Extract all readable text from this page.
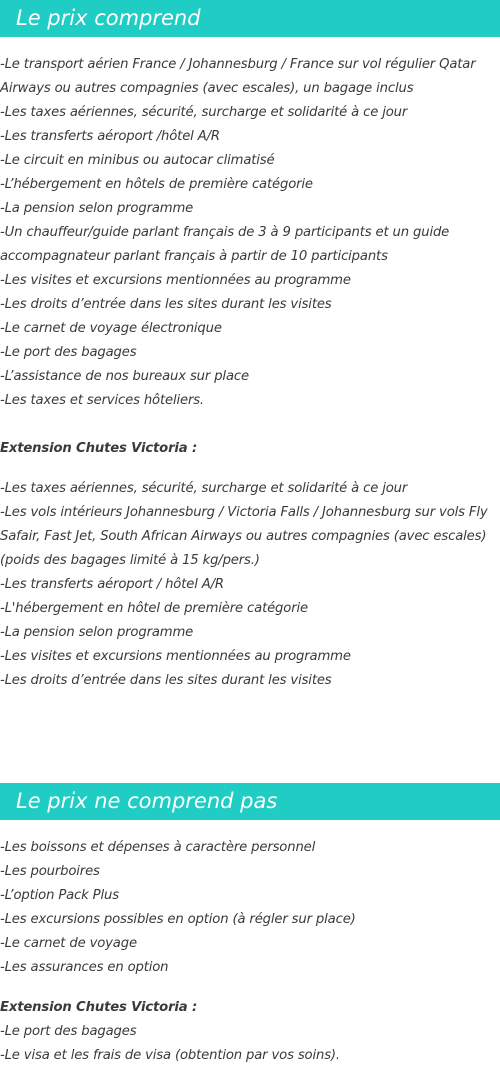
Le prix comprend
-Le transport aérien France / Johannesburg / France sur vol régulier Qatar Airways ou autres compagnies (avec escales), un bagage inclus
-Les taxes aériennes, sécurité, surcharge et solidarité à ce jour
-Les transferts aéroport /hôtel A/R
-Le circuit en minibus ou autocar climatisé
-L’hébergement en hôtels de première catégorie
-La pension selon programme
-Un chauffeur/guide parlant français de 3 à 9 participants et un guide accompagnateur parlant français à partir de 10 participants
-Les visites et excursions mentionnées au programme
-Les droits d’entrée dans les sites durant les visites
-Le carnet de voyage électronique
-Le port des bagages
-L’assistance de nos bureaux sur place
-Les taxes et services hôteliers.
Extension Chutes Victoria :
-Les taxes aériennes, sécurité, surcharge et solidarité à ce jour
-Les vols intérieurs Johannesburg / Victoria Falls / Johannesburg sur vols Fly Safair, Fast Jet, South African Airways ou autres compagnies (avec escales) (poids des bagages limité à 15 kg/pers.)
-Les transferts aéroport / hôtel A/R
-L'hébergement en hôtel de première catégorie
-La pension selon programme
-Les visites et excursions mentionnées au programme
-Les droits d’entrée dans les sites durant les visites
Le prix ne comprend pas
-Les boissons et dépenses à caractère personnel
-Les pourboires
-L’option Pack Plus
-Les excursions possibles en option (à régler sur place)
-Le carnet de voyage
-Les assurances en option
Extension Chutes Victoria :
-Le port des bagages
-Le visa et les frais de visa (obtention par vos soins).
